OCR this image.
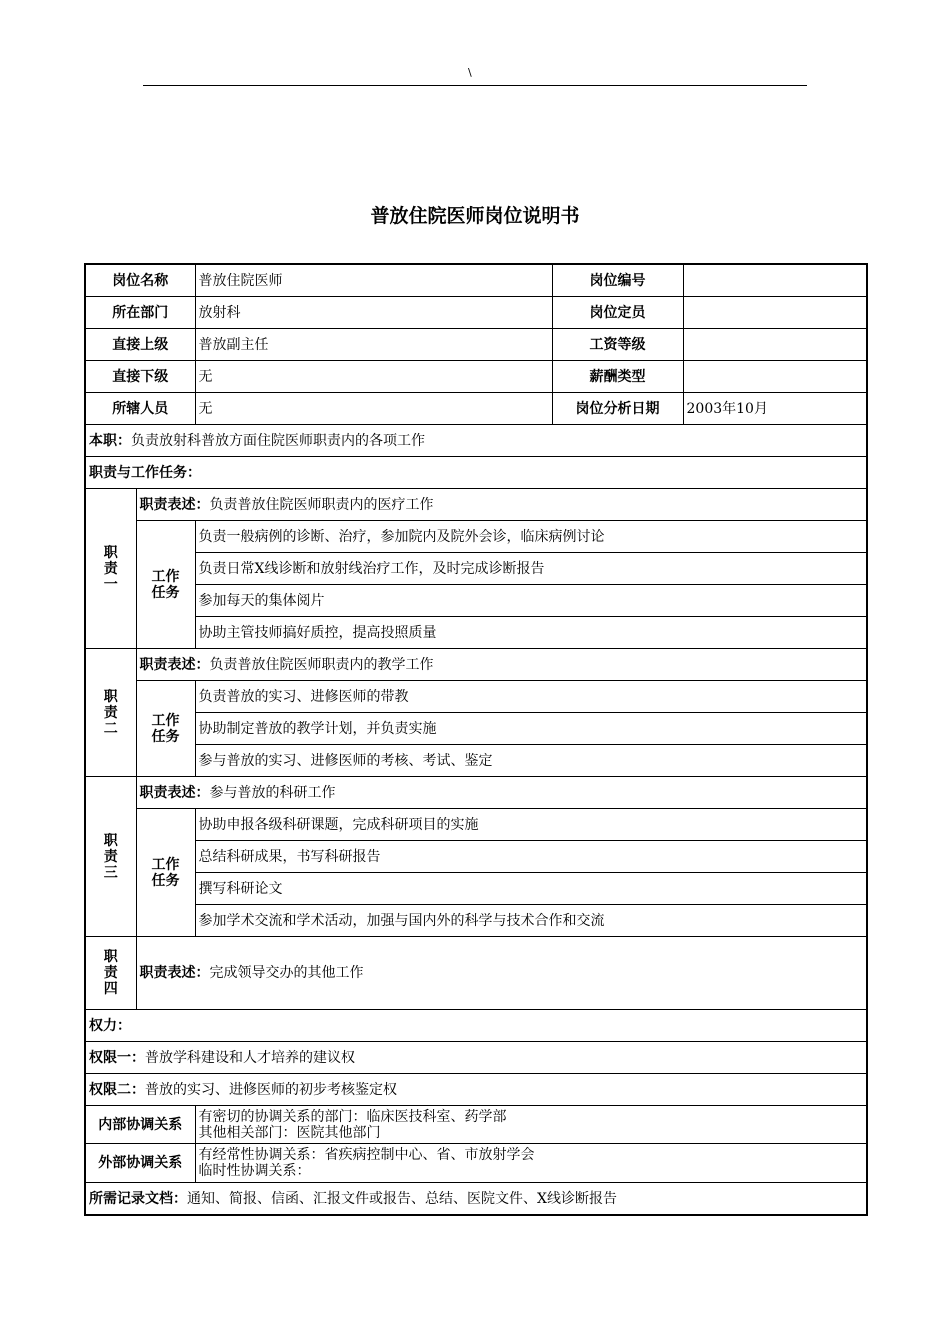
\
普放住院医师岗位说明书
岗位名称		普放住院医师	岗位编号	
所在部门		放射科	岗位定员	
直接上级		普放副主任	工资等级	
直接下级		无	薪酬类型	
所辖人员		无	岗位分析日期	2003年10月
本职：负责放射科普放方面住院医师职责内的各项工作				
职责与工作任务：				
职
责
一	职责表述：负责普放住院医师职责内的医疗工作			
	工作
任务	负责一般病例的诊断、治疗，参加院内及院外会诊，临床病例讨论		
		负责日常X线诊断和放射线治疗工作，及时完成诊断报告		
		参加每天的集体阅片		
		协助主管技师搞好质控，提高投照质量		
职
责
二	职责表述：负责普放住院医师职责内的教学工作			
	工作
任务	负责普放的实习、进修医师的带教		
		协助制定普放的教学计划，并负责实施		
		参与普放的实习、进修医师的考核、考试、鉴定		
职
责
三	职责表述：参与普放的科研工作			
	工作
任务	协助申报各级科研课题，完成科研项目的实施		
		总结科研成果，书写科研报告		
		撰写科研论文		
		参加学术交流和学术活动，加强与国内外的科学与技术合作和交流		
职
责
四	职责表述：完成领导交办的其他工作			
权力：				
权限一：普放学科建设和人才培养的建议权				
权限二：普放的实习、进修医师的初步考核鉴定权				
内部协调关系		有密切的协调关系的部门：临床医技科室、药学部
其他相关部门：医院其他部门		
外部协调关系		有经常性协调关系：省疾病控制中心、省、市放射学会
临时性协调关系：		
所需记录文档：通知、简报、信函、汇报文件或报告、总结、医院文件、X线诊断报告				
